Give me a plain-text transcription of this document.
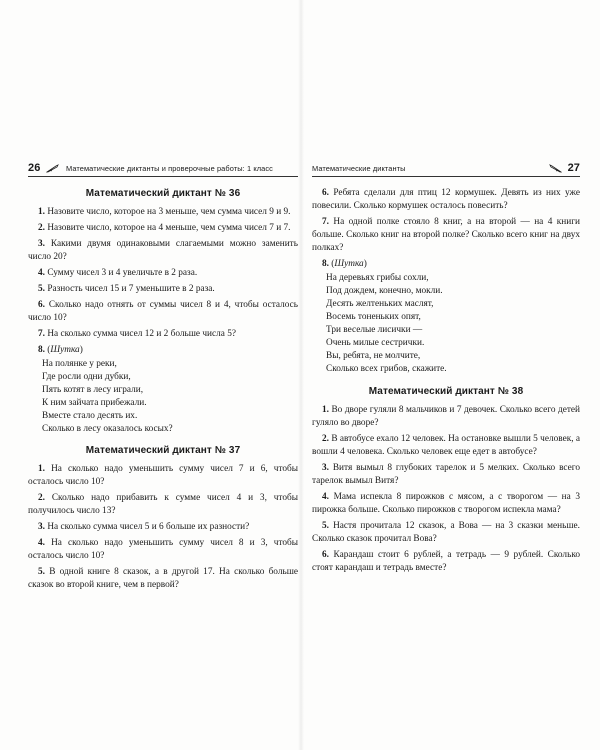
26	Математические диктанты и проверочные работы: 1 класс
Математический диктант № 36
1. Назовите число, которое на 3 меньше, чем сумма чисел 9 и 9.
2. Назовите число, которое на 4 меньше, чем сумма чисел 7 и 7.
3. Какими двумя одинаковыми слагаемыми можно заменить число 20?
4. Сумму чисел 3 и 4 увеличьте в 2 раза.
5. Разность чисел 15 и 7 уменьшите в 2 раза.
6. Сколько надо отнять от суммы чисел 8 и 4, чтобы осталось число 10?
7. На сколько сумма чисел 12 и 2 больше числа 5?
8. (Шутка)
На полянке у реки,
Где росли одни дубки,
Пять котят в лесу играли,
К ним зайчата прибежали.
Вместе стало десять их.
Сколько в лесу оказалось косых?
Математический диктант № 37
1. На сколько надо уменьшить сумму чисел 7 и 6, чтобы осталось число 10?
2. Сколько надо прибавить к сумме чисел 4 и 3, чтобы получилось число 13?
3. На сколько сумма чисел 5 и 6 больше их разности?
4. На сколько надо уменьшить сумму чисел 8 и 3, чтобы осталось число 10?
5. В одной книге 8 сказок, а в другой 17. На сколько больше сказок во второй книге, чем в первой?
Математические диктанты	27
6. Ребята сделали для птиц 12 кормушек. Девять из них уже повесили. Сколько кормушек осталось повесить?
7. На одной полке стояло 8 книг, а на второй — на 4 книги больше. Сколько книг на второй полке? Сколько всего книг на двух полках?
8. (Шутка)
На деревьях грибы сохли,
Под дождем, конечно, мокли.
Десять желтеньких маслят,
Восемь тоненьких опят,
Три веселые лисички —
Очень милые сестрички.
Вы, ребята, не молчите,
Сколько всех грибов, скажите.
Математический диктант № 38
1. Во дворе гуляли 8 мальчиков и 7 девочек. Сколько всего детей гуляло во дворе?
2. В автобусе ехало 12 человек. На остановке вышли 5 человек, а вошли 4 человека. Сколько человек еще едет в автобусе?
3. Витя вымыл 8 глубоких тарелок и 5 мелких. Сколько всего тарелок вымыл Витя?
4. Мама испекла 8 пирожков с мясом, а с творогом — на 3 пирожка больше. Сколько пирожков с творогом испекла мама?
5. Настя прочитала 12 сказок, а Вова — на 3 сказки меньше. Сколько сказок прочитал Вова?
6. Карандаш стоит 6 рублей, а тетрадь — 9 рублей. Сколько стоят карандаш и тетрадь вместе?
